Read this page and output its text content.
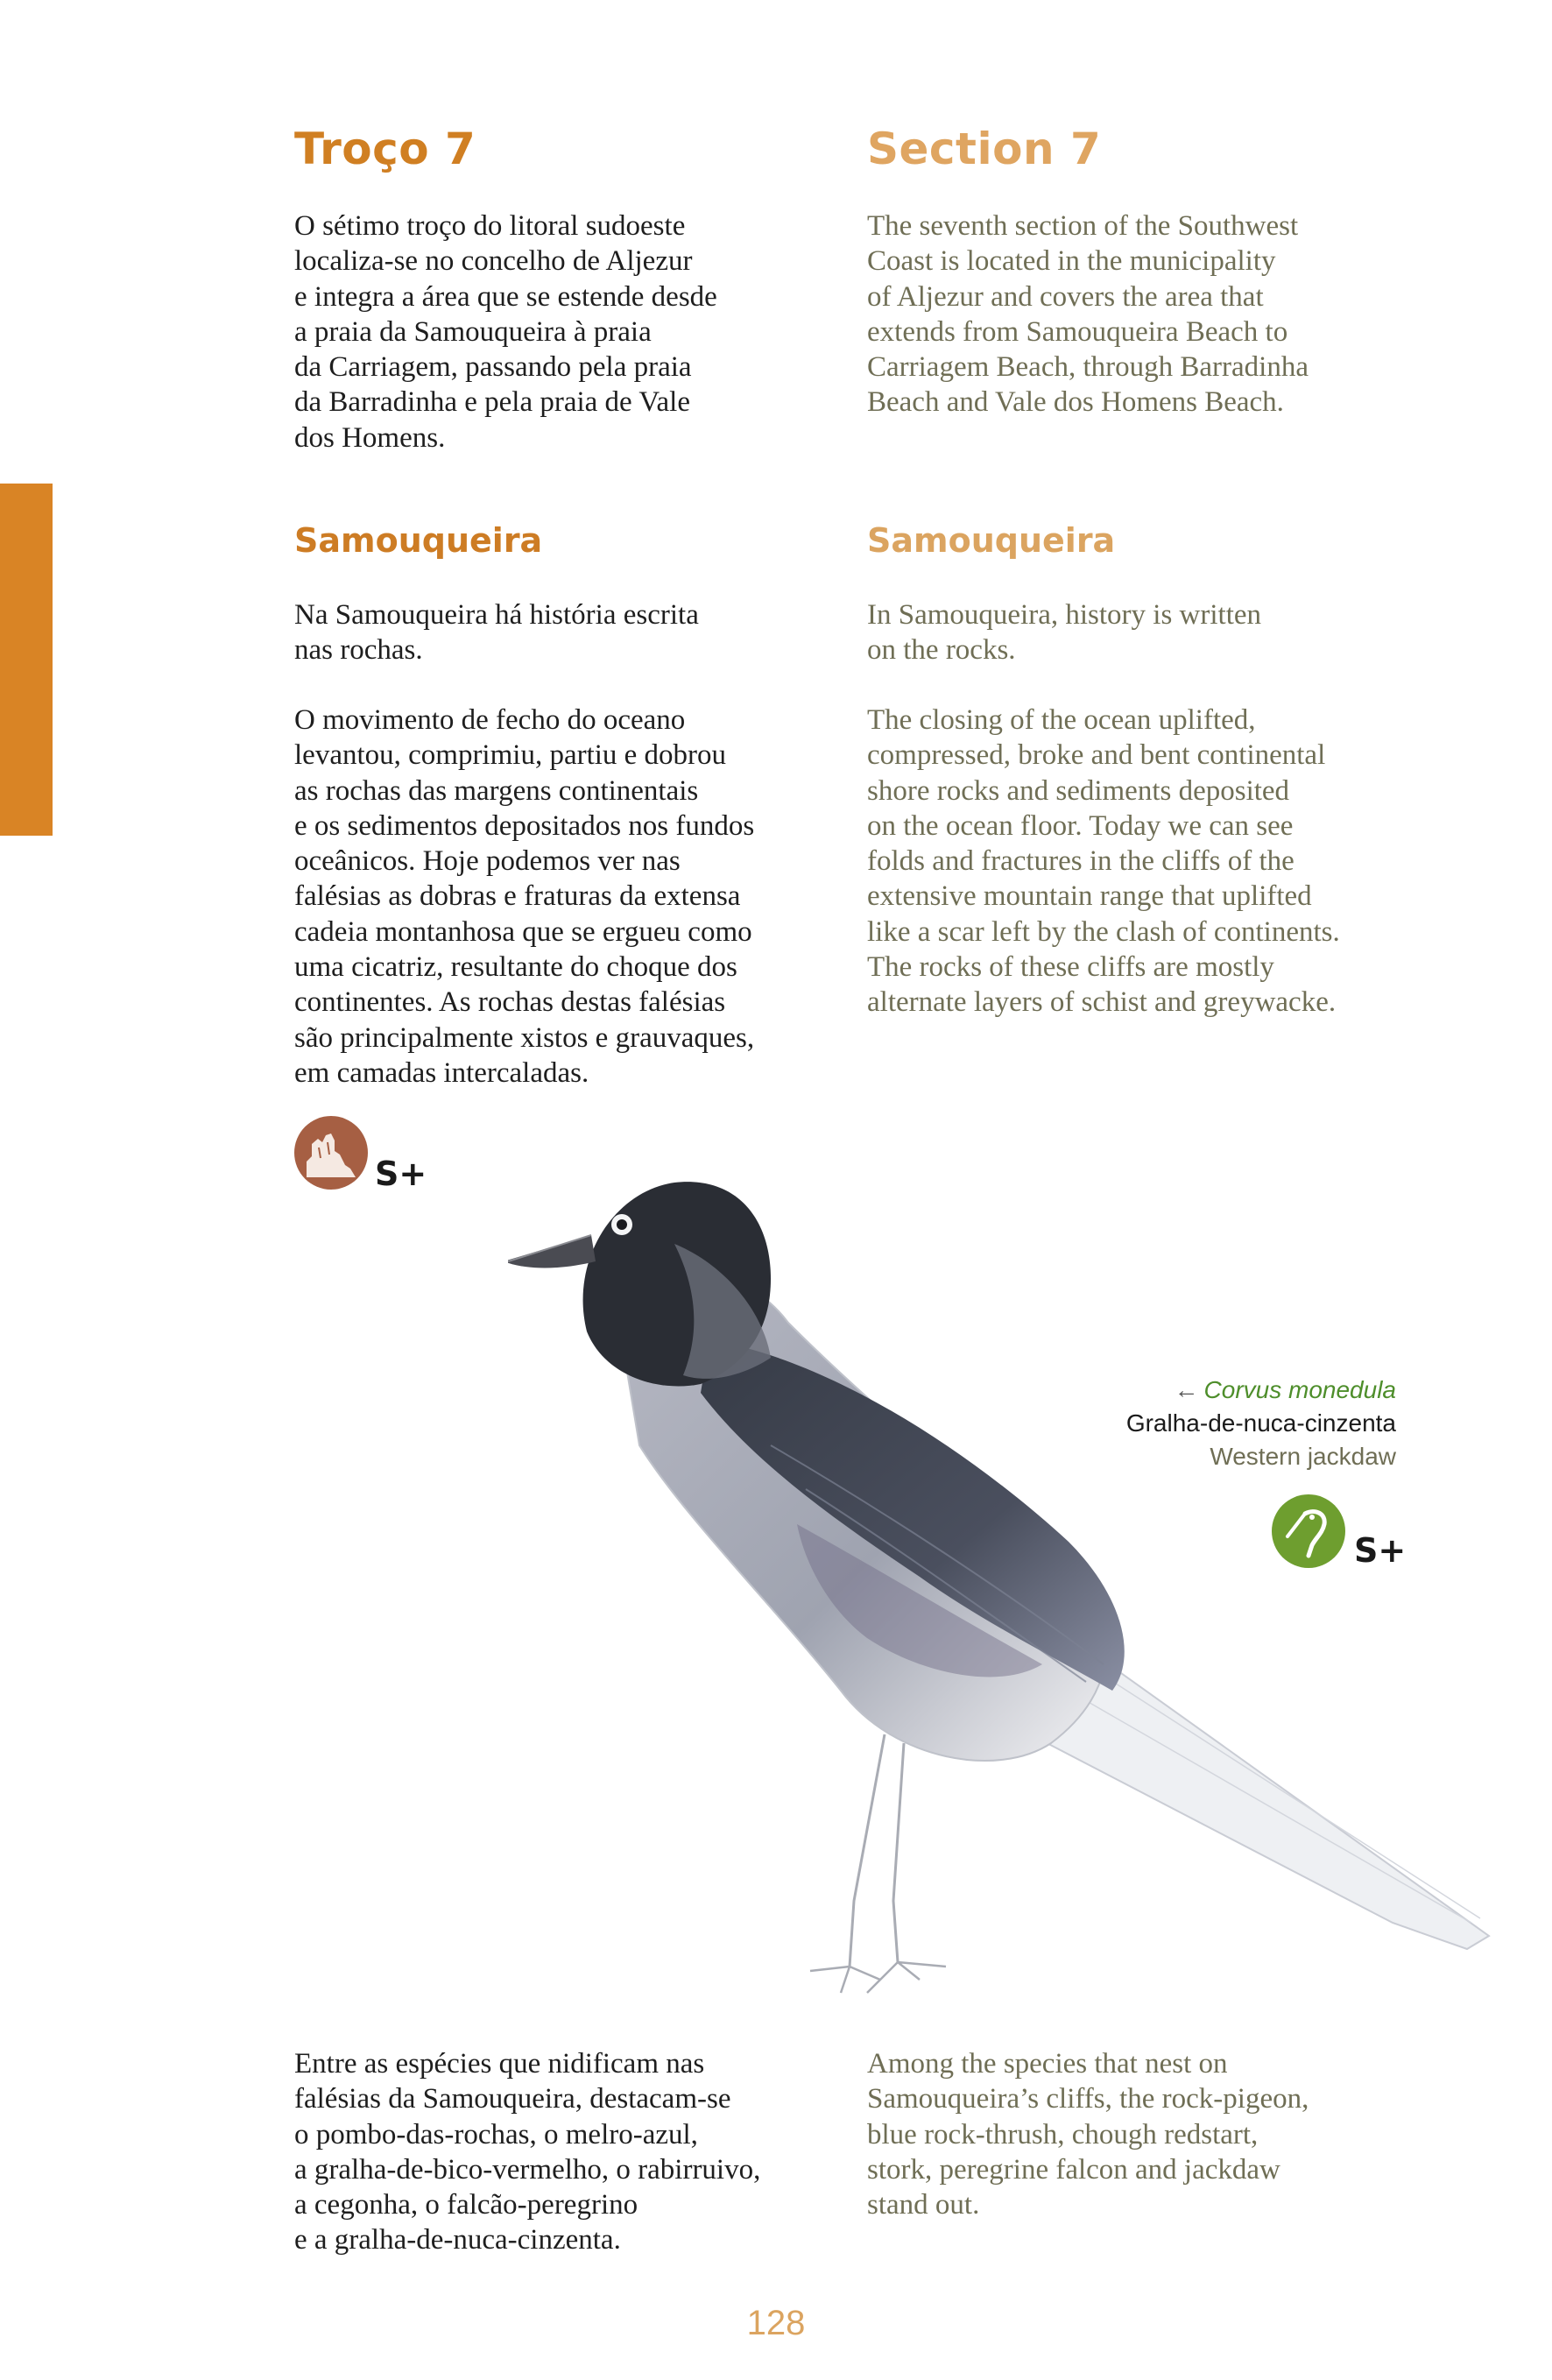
Troço 7	Section 7

O sétimo troço do litoral sudoeste
localiza-se no concelho de Aljezur
e integra a área que se estende desde
a praia da Samouqueira à praia
da Carriagem, passando pela praia
da Barradinha e pela praia de Vale
dos Homens.

The seventh section of the Southwest
Coast is located in the municipality
of Aljezur and covers the area that
extends from Samouqueira Beach to
Carriagem Beach, through Barradinha
Beach and Vale dos Homens Beach.

Samouqueira	Samouqueira

Na Samouqueira há história escrita
nas rochas.

In Samouqueira, history is written
on the rocks.

O movimento de fecho do oceano
levantou, comprimiu, partiu e dobrou
as rochas das margens continentais
e os sedimentos depositados nos fundos
oceânicos. Hoje podemos ver nas
falésias as dobras e fraturas da extensa
cadeia montanhosa que se ergueu como
uma cicatriz, resultante do choque dos
continentes. As rochas destas falésias
são principalmente xistos e grauvaques,
em camadas intercaladas.

The closing of the ocean uplifted,
compressed, broke and bent continental
shore rocks and sediments deposited
on the ocean floor. Today we can see
folds and fractures in the cliffs of the
extensive mountain range that uplifted
like a scar left by the clash of continents.
The rocks of these cliffs are mostly
alternate layers of schist and greywacke.

S+

← Corvus monedula
Gralha-de-nuca-cinzenta
Western jackdaw

S+

Entre as espécies que nidificam nas
falésias da Samouqueira, destacam-se
o pombo-das-rochas, o melro-azul,
a gralha-de-bico-vermelho, o rabirruivo,
a cegonha, o falcão-peregrino
e a gralha-de-nuca-cinzenta.

Among the species that nest on
Samouqueira’s cliffs, the rock-pigeon,
blue rock-thrush, chough redstart,
stork, peregrine falcon and jackdaw
stand out.

128
